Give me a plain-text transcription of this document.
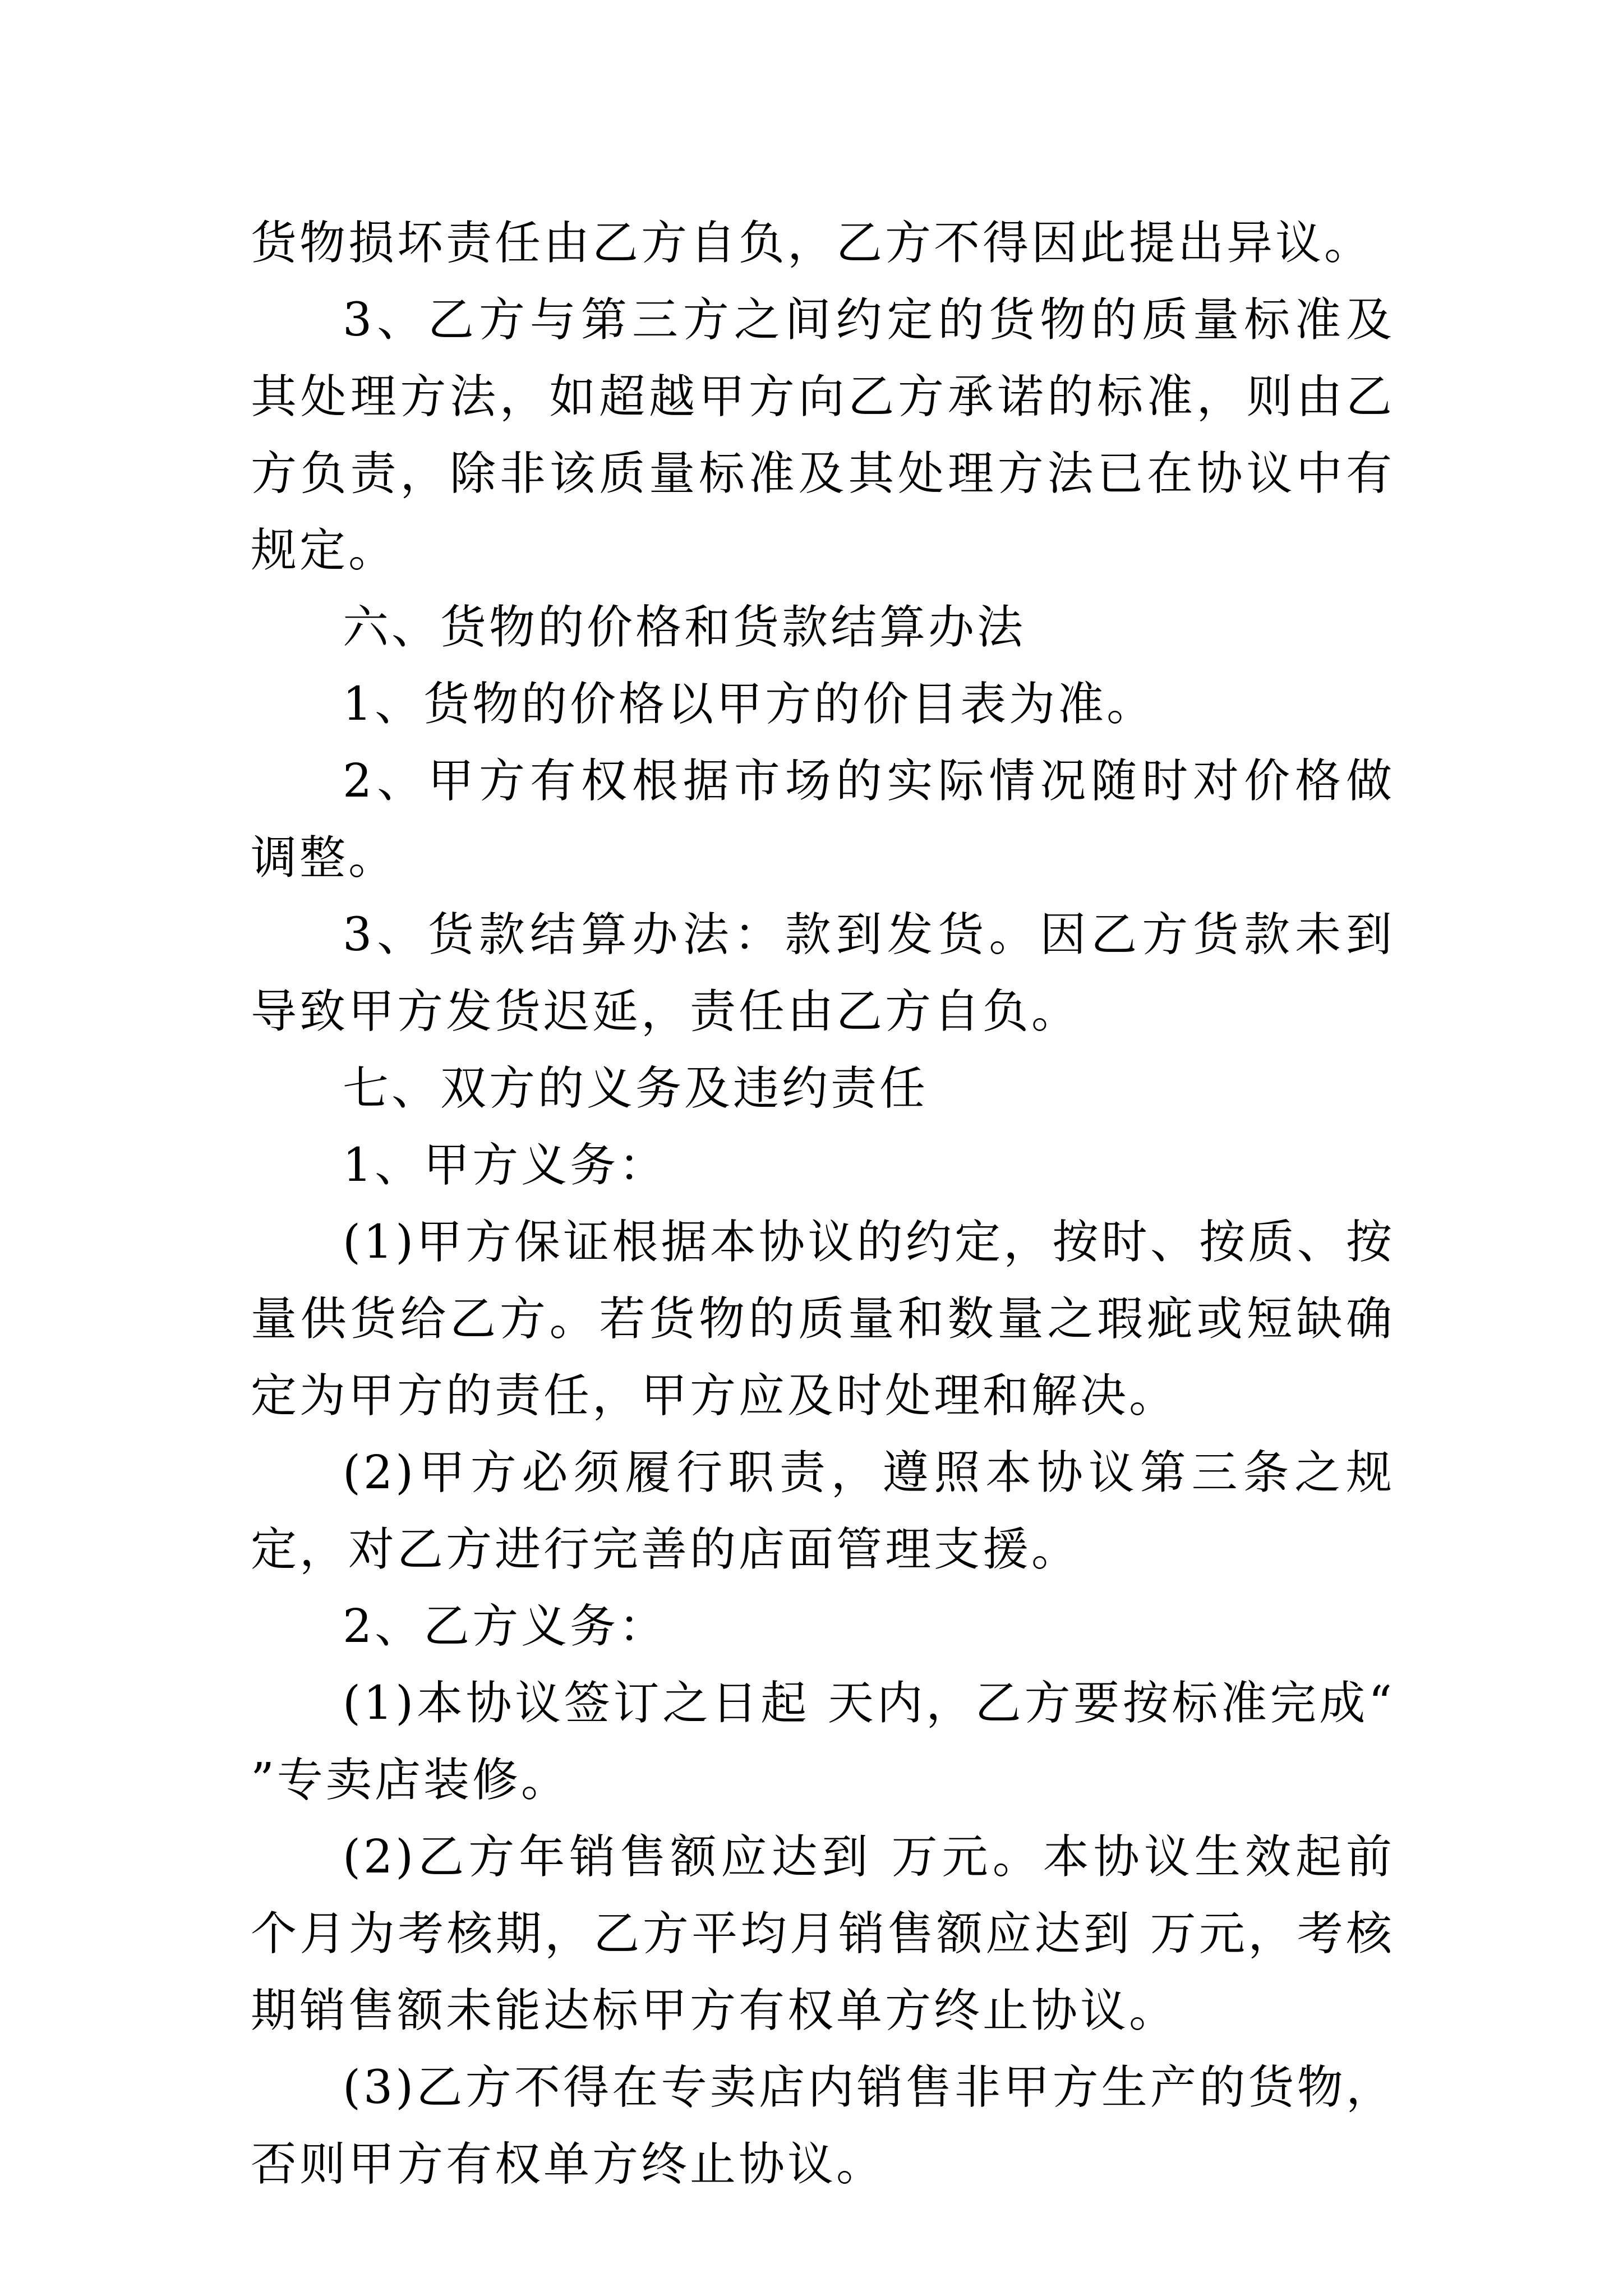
货物损坏责任由乙方自负，乙方不得因此提出异议。

3、乙方与第三方之间约定的货物的质量标准及其处理方法，如超越甲方向乙方承诺的标准，则由乙方负责，除非该质量标准及其处理方法已在协议中有规定。

六、货物的价格和货款结算办法

1、货物的价格以甲方的价目表为准。

2、甲方有权根据市场的实际情况随时对价格做调整。

3、货款结算办法：款到发货。因乙方货款未到导致甲方发货迟延，责任由乙方自负。

七、双方的义务及违约责任

1、甲方义务：

(1)甲方保证根据本协议的约定，按时、按质、按量供货给乙方。若货物的质量和数量之瑕疵或短缺确定为甲方的责任，甲方应及时处理和解决。

(2)甲方必须履行职责，遵照本协议第三条之规定，对乙方进行完善的店面管理支援。

2、乙方义务：

(1)本协议签订之日起 天内，乙方要按标准完成“ ”专卖店装修。

(2)乙方年销售额应达到 万元。本协议生效起前 个月为考核期，乙方平均月销售额应达到 万元，考核期销售额未能达标甲方有权单方终止协议。

(3)乙方不得在专卖店内销售非甲方生产的货物，否则甲方有权单方终止协议。
